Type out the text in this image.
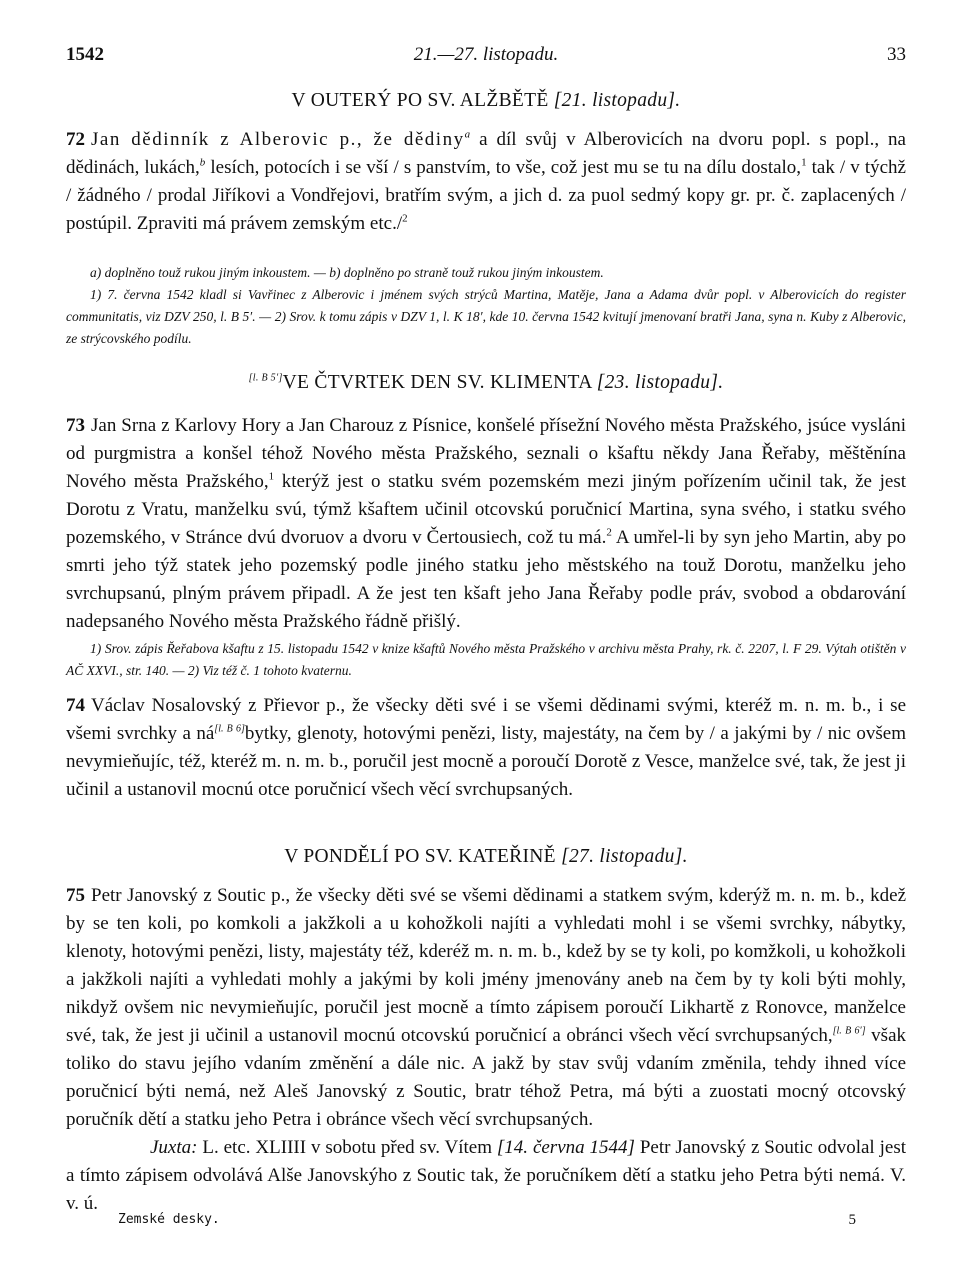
1542	21.—27. listopadu.	33
V OUTERÝ PO SV. ALŽBĚTĚ [21. listopadu].

72 Jan dědinník z Alberovic p., že dědiny$^a$ a díl svůj v Alberovicích na dvoru popl. s popl., na dědinách, lukách,$^b$ lesích, potocích i se vší / s panstvím, to vše, což jest mu se tu na dílu dostalo,$^1$ tak / v týchž / žádného / prodal Jiříkovi a Vondřejovi, bratřím svým, a jich d. za puol sedmý kopy gr. pr. č. zaplacených / postúpil. Zpraviti má právem zemským etc./$^2$

a) doplněno touž rukou jiným inkoustem. — b) doplněno po straně touž rukou jiným inkoustem.

1) 7. června 1542 kladl si Vavřinec z Alberovic i jménem svých strýců Martina, Matěje, Jana a Adama dvůr popl. v Alberovicích do register communitatis, viz DZV 250, l. B 5′. — 2) Srov. k tomu zápis v DZV 1, l. K 18′, kde 10. června 1542 kvitují jmenovaní bratři Jana, syna n. Kuby z Alberovic, ze strýcovského podílu.

[l. B 5′]VE ČTVRTEK DEN SV. KLIMENTA [23. listopadu].

73 Jan Srna z Karlovy Hory a Jan Charouz z Písnice, konšelé přísežní Nového města Pražského, jsúce vysláni od purgmistra a konšel téhož Nového města Pražského, seznali o kšaftu někdy Jana Řeřaby, měštěnína Nového města Pražského,$^1$ kterýž jest o statku svém pozemském mezi jiným pořízením učinil tak, že jest Dorotu z Vratu, manželku svú, týmž kšaftem učinil otcovskú poručnicí Martina, syna svého, i statku svého pozemského, v Stránce dvú dvoruov a dvoru v Čertousiech, což tu má.$^2$ A umřel-li by syn jeho Martin, aby po smrti jeho týž statek jeho pozemský podle jiného statku jeho městského na touž Dorotu, manželku jeho svrchupsanú, plným právem připadl. A že jest ten kšaft jeho Jana Řeřaby podle práv, svobod a obdarování nadepsaného Nového města Pražského řádně přišlý.

1) Srov. zápis Řeřabova kšaftu z 15. listopadu 1542 v knize kšaftů Nového města Pražského v archivu města Prahy, rk. č. 2207, l. F 29. Výtah otištěn v AČ XXVI., str. 140. — 2) Viz též č. 1 tohoto kvaternu.

74 Václav Nosalovský z Přievor p., že všecky děti své i se všemi dědinami svými, kteréž m. n. m. b., i se všemi svrchky a ná[l. B 6]bytky, glenoty, hotovými penězi, listy, majestáty, na čem by / a jakými by / nic ovšem nevymieňujíc, též, kteréž m. n. m. b., poručil jest mocně a poroučí Dorotě z Vesce, manželce své, tak, že jest ji učinil a ustanovil mocnú otce poručnicí všech věcí svrchupsaných.

V PONDĚLÍ PO SV. KATEŘINĚ [27. listopadu].

75 Petr Janovský z Soutic p., že všecky děti své se všemi dědinami a statkem svým, kderýž m. n. m. b., kdež by se ten koli, po komkoli a jakžkoli a u kohožkoli najíti a vyhledati mohl i se všemi svrchky, nábytky, klenoty, hotovými penězi, listy, majestáty též, kderéž m. n. m. b., kdež by se ty koli, po komžkoli, u kohožkoli a jakžkoli najíti a vyhledati mohly a jakými by koli jmény jmenovány aneb na čem by ty koli býti mohly, nikdyž ovšem nic nevymieňujíc, poručil jest mocně a tímto zápisem poroučí Likhartě z Ronovce, manželce své, tak, že jest ji učinil a ustanovil mocnú otcovskú poručnicí a obránci všech věcí svrchupsaných,[l. B 6′] však toliko do stavu jejího vdaním změnění a dále nic. A jakž by stav svůj vdaním změnila, tehdy ihned více poručnicí býti nemá, než Aleš Janovský z Soutic, bratr téhož Petra, má býti a zuostati mocný otcovský poručník dětí a statku jeho Petra i obránce všech věcí svrchupsaných.

Juxta: L. etc. XLIIII v sobotu před sv. Vítem [14. června 1544] Petr Janovský z Soutic odvolal jest a tímto zápisem odvolává Alše Janovskýho z Soutic tak, že poručníkem dětí a statku jeho Petra býti nemá. V. v. ú.

Zemské desky.	5
